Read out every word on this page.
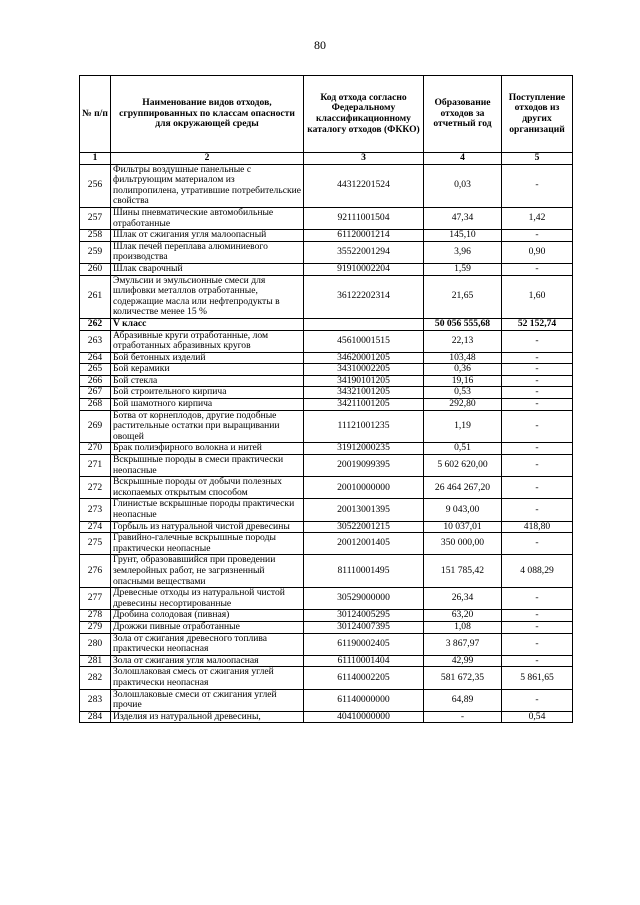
80
№ п/п	Наименование видов отходов, сгруппированных по классам опасности для окружающей среды	Код отхода согласно Федеральному классификационному каталогу отходов (ФККО)	Образование отходов за отчетный год	Поступление отходов из других организаций
1	2	3	4	5
256	Фильтры воздушные панельные с фильтрующим материалом из полипропилена, утратившие потребительские свойства	44312201524	0,03	-
257	Шины пневматические автомобильные отработанные	92111001504	47,34	1,42
258	Шлак от сжигания угля малоопасный	61120001214	145,10	-
259	Шлак печей переплава алюминиевого производства	35522001294	3,96	0,90
260	Шлак сварочный	91910002204	1,59	-
261	Эмульсии и эмульсионные смеси для шлифовки металлов отработанные, содержащие масла или нефтепродукты в количестве менее 15 %	36122202314	21,65	1,60
262	V класс		50 056 555,68	52 152,74
263	Абразивные круги отработанные, лом отработанных абразивных кругов	45610001515	22,13	-
264	Бой бетонных изделий	34620001205	103,48	-
265	Бой керамики	34310002205	0,36	-
266	Бой стекла	34190101205	19,16	-
267	Бой строительного кирпича	34321001205	0,53	-
268	Бой шамотного кирпича	34211001205	292,80	-
269	Ботва от корнеплодов, другие подобные растительные остатки при выращивании овощей	11121001235	1,19	-
270	Брак полиэфирного волокна и нитей	31912000235	0,51	-
271	Вскрышные породы в смеси практически неопасные	20019099395	5 602 620,00	-
272	Вскрышные породы от добычи полезных ископаемых открытым способом	20010000000	26 464 267,20	-
273	Глинистые вскрышные породы практически неопасные	20013001395	9 043,00	-
274	Горбыль из натуральной чистой древесины	30522001215	10 037,01	418,80
275	Гравийно-галечные вскрышные породы практически неопасные	20012001405	350 000,00	-
276	Грунт, образовавшийся при проведении землеройных работ, не загрязненный опасными веществами	81110001495	151 785,42	4 088,29
277	Древесные отходы из натуральной чистой древесины несортированные	30529000000	26,34	-
278	Дробина солодовая (пивная)	30124005295	63,20	-
279	Дрожжи пивные отработанные	30124007395	1,08	-
280	Зола от сжигания древесного топлива практически неопасная	61190002405	3 867,97	-
281	Зола от сжигания угля малоопасная	61110001404	42,99	-
282	Золошлаковая смесь от сжигания углей практически неопасная	61140002205	581 672,35	5 861,65
283	Золошлаковые смеси от сжигания углей прочие	61140000000	64,89	-
284	Изделия из натуральной древесины,	40410000000	-	0,54
